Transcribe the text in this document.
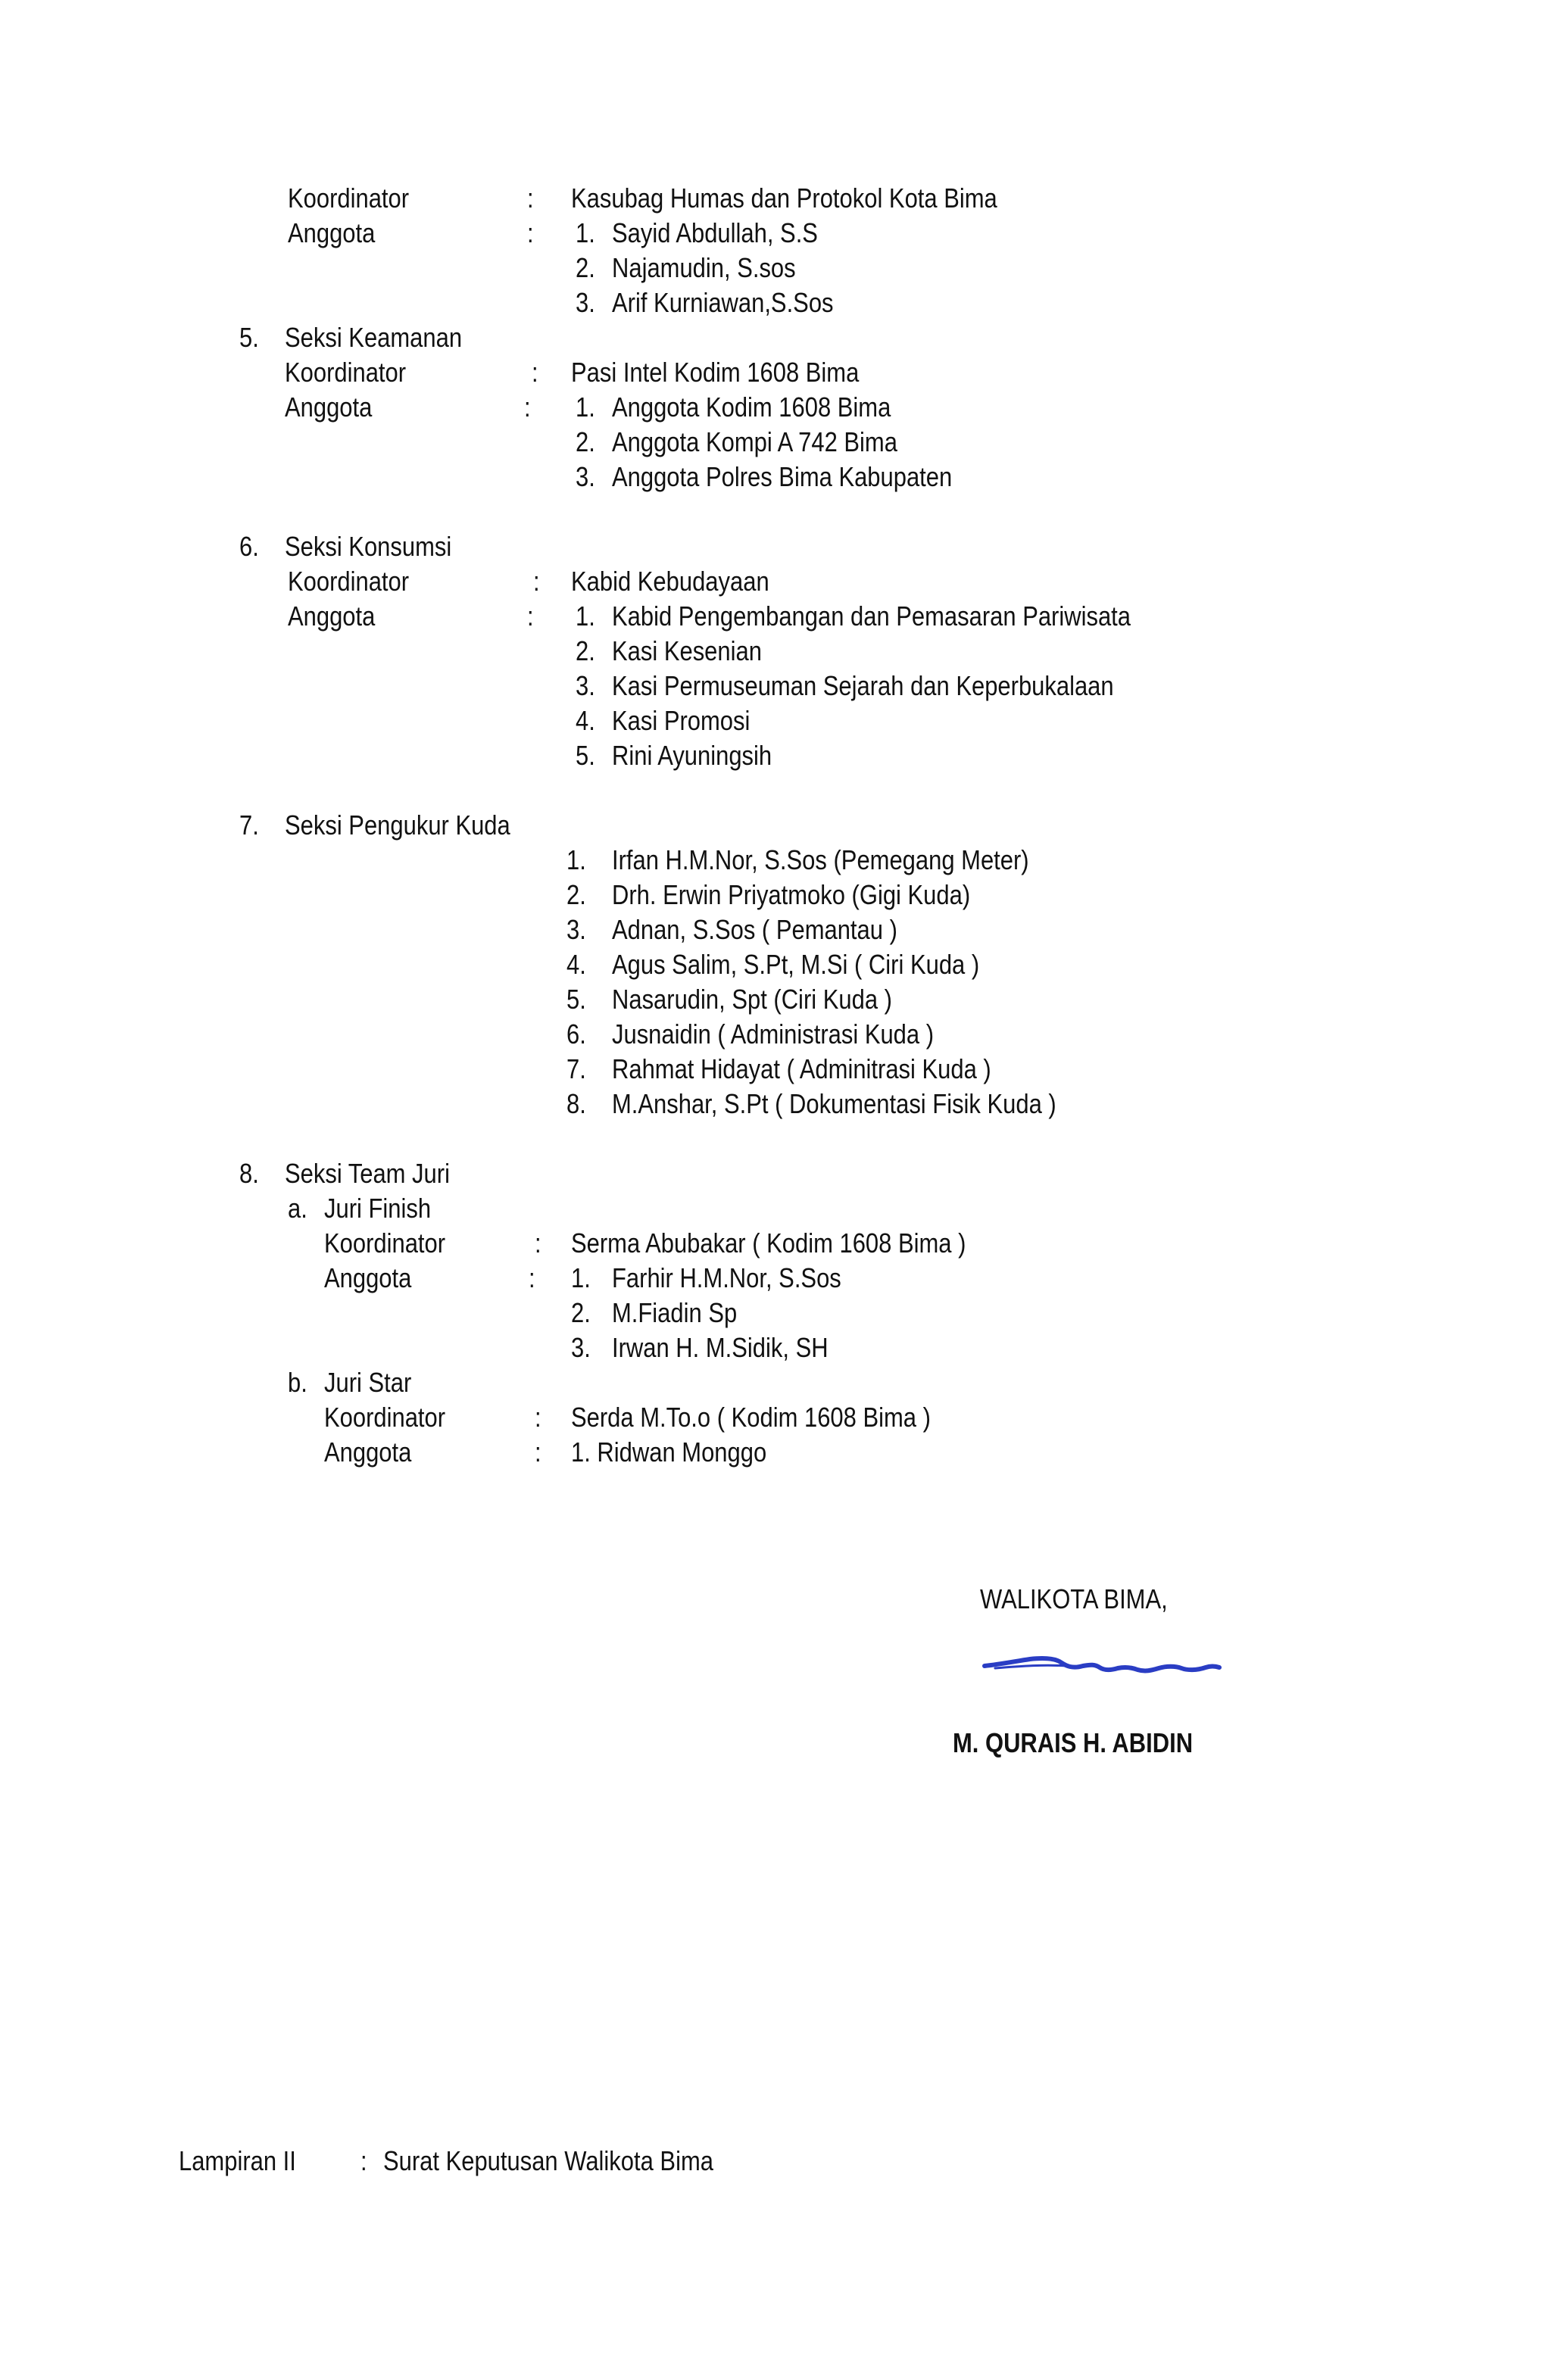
Koordinator	: Kasubag Humas dan Protokol Kota Bima
Anggota	: 1. Sayid Abdullah, S.S
2. Najamudin, S.sos
3. Arif Kurniawan,S.Sos
5. Seksi Keamanan
Koordinator	: Pasi Intel Kodim 1608 Bima
Anggota	: 1. Anggota Kodim 1608 Bima
2. Anggota Kompi A 742 Bima
3. Anggota Polres Bima Kabupaten
6. Seksi Konsumsi
Koordinator	: Kabid Kebudayaan
Anggota	: 1. Kabid Pengembangan dan Pemasaran Pariwisata
2. Kasi Kesenian
3. Kasi Permuseuman Sejarah dan Keperbukalaan
4. Kasi Promosi
5. Rini Ayuningsih
7. Seksi Pengukur Kuda
1. Irfan H.M.Nor, S.Sos (Pemegang Meter)
2. Drh. Erwin Priyatmoko (Gigi Kuda)
3. Adnan, S.Sos ( Pemantau )
4. Agus Salim, S.Pt, M.Si ( Ciri Kuda )
5. Nasarudin, Spt (Ciri Kuda )
6. Jusnaidin ( Administrasi Kuda )
7. Rahmat Hidayat ( Adminitrasi Kuda )
8. M.Anshar, S.Pt ( Dokumentasi Fisik Kuda )
8. Seksi Team Juri
a. Juri Finish
Koordinator	: Serma Abubakar ( Kodim 1608 Bima )
Anggota	: 1. Farhir H.M.Nor, S.Sos
2. M.Fiadin Sp
3. Irwan H. M.Sidik, SH
b. Juri Star
Koordinator	: Serda M.To.o ( Kodim 1608 Bima )
Anggota	: 1. Ridwan Monggo
WALIKOTA BIMA,
M. QURAIS H. ABIDIN
Lampiran II : Surat Keputusan Walikota Bima
